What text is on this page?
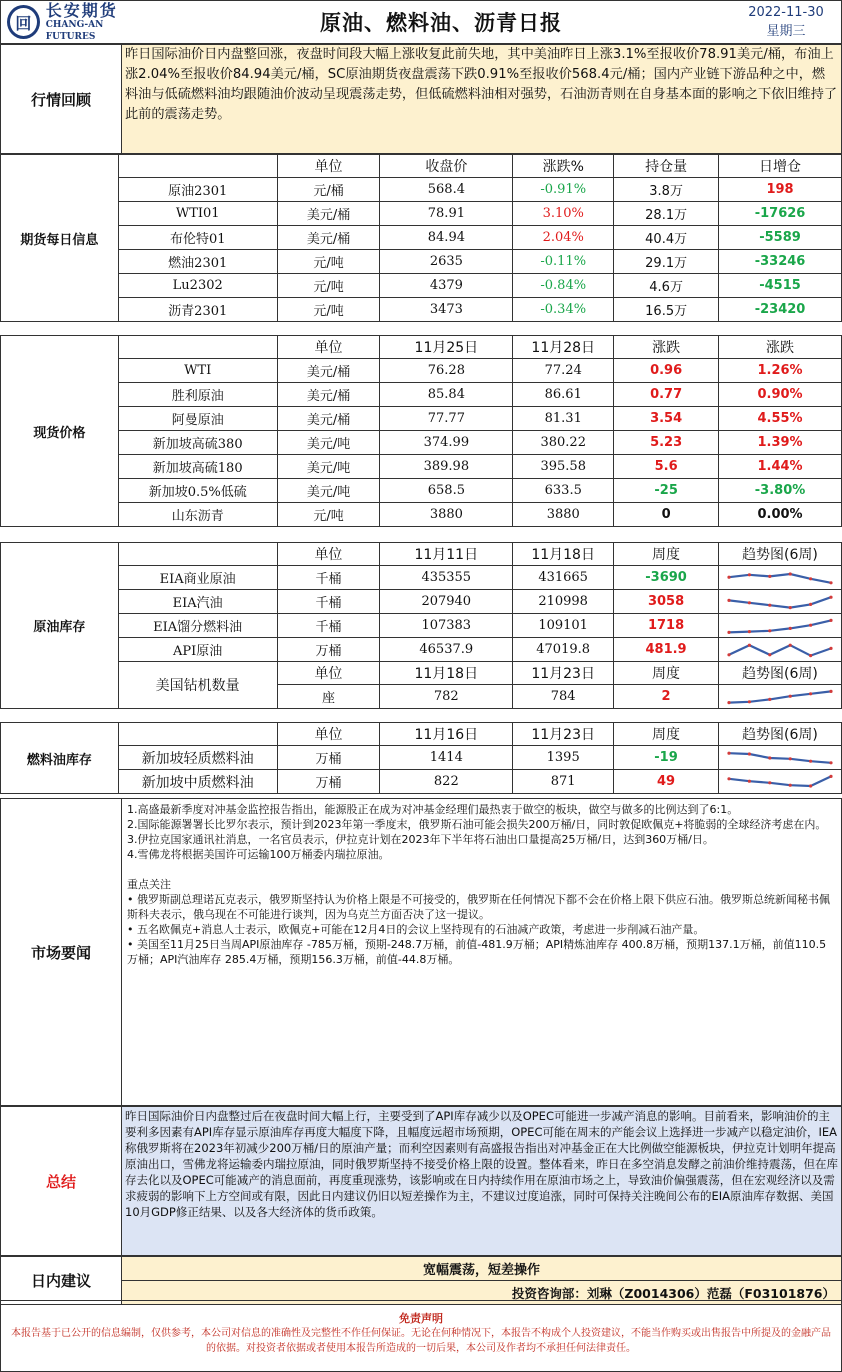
回
长安期货
CHANG-AN FUTURES
原油、燃料油、沥青日报	2022-11-30
星期三
行情回顾	昨日国际油价日内盘整回涨，夜盘时间段大幅上涨收复此前失地，其中美油昨日上涨3.1%至报收价78.91美元/桶，布油上涨2.04%至报收价84.94美元/桶，SC原油期货夜盘震荡下跌0.91%至报收价568.4元/桶；国内产业链下游品种之中，燃料油与低硫燃料油均跟随油价波动呈现震荡走势，但低硫燃料油相对强势，石油沥青则在自身基本面的影响之下依旧维持了此前的震荡走势。
期货每日信息		单位	收盘价	涨跌%	持仓量	日增仓
	原油2301	元/桶	568.4	-0.91%	3.8万	198
	WTI01	美元/桶	78.91	3.10%	28.1万	-17626
	布伦特01	美元/桶	84.94	2.04%	40.4万	-5589
	燃油2301	元/吨	2635	-0.11%	29.1万	-33246
	Lu2302	元/吨	4379	-0.84%	4.6万	-4515
	沥青2301	元/吨	3473	-0.34%	16.5万	-23420
现货价格		单位	11月25日	11月28日	涨跌	涨跌
	WTI	美元/桶	76.28	77.24	0.96	1.26%
	胜利原油	美元/桶	85.84	86.61	0.77	0.90%
	阿曼原油	美元/桶	77.77	81.31	3.54	4.55%
	新加坡高硫380	美元/吨	374.99	380.22	5.23	1.39%
	新加坡高硫180	美元/吨	389.98	395.58	5.6	1.44%
	新加坡0.5%低硫	美元/吨	658.5	633.5	-25	-3.80%
	山东沥青	元/吨	3880	3880	0	0.00%
原油库存		单位	11月11日	11月18日	周度	趋势图(6周)
	EIA商业原油	千桶	435355	431665	-3690	

	EIA汽油	千桶	207940	210998	3058	

	EIA馏分燃料油	千桶	107383	109101	1718	

	API原油	万桶	46537.9	47019.8	481.9	

	美国钻机数量	单位	11月18日	11月23日	周度	趋势图(6周)
		座	782	784	2	
燃料油库存		单位	11月16日	11月23日	周度	趋势图(6周)
	新加坡轻质燃料油	万桶	1414	1395	-19	

	新加坡中质燃料油	万桶	822	871	49	
市场要闻	

1.高盛最新季度对冲基金监控报告指出，能源股正在成为对冲基金经理们最热衷于做空的板块，做空与做多的比例达到了6:1。

2.国际能源署署长比罗尔表示，预计到2023年第一季度末，俄罗斯石油可能会损失200万桶/日，同时敦促欧佩克+将脆弱的全球经济考虑在内。

3.伊拉克国家通讯社消息，一名官员表示，伊拉克计划在2023年下半年将石油出口量提高25万桶/日，达到360万桶/日。

4.雪佛龙将根据美国许可运输100万桶委内瑞拉原油。

重点关注

• 俄罗斯副总理诺瓦克表示，俄罗斯坚持认为价格上限是不可接受的，俄罗斯在任何情况下都不会在价格上限下供应石油。俄罗斯总统新闻秘书佩斯科夫表示，俄乌现在不可能进行谈判，因为乌克兰方面否决了这一提议。

• 五名欧佩克+消息人士表示，欧佩克+可能在12月4日的会议上坚持现有的石油减产政策，考虑进一步削减石油产量。

• 美国至11月25日当周API原油库存 -785万桶，预期-248.7万桶，前值-481.9万桶；API精炼油库存 400.8万桶，预期137.1万桶，前值110.5万桶；API汽油库存 285.4万桶，预期156.3万桶，前值-44.8万桶。

总结	昨日国际油价日内盘整过后在夜盘时间大幅上行，主要受到了API库存减少以及OPEC可能进一步减产消息的影响。目前看来，影响油价的主要利多因素有API库存显示原油库存再度大幅度下降，且幅度远超市场预期，OPEC可能在周末的产能会议上选择进一步减产以稳定油价，IEA称俄罗斯将在2023年初减少200万桶/日的原油产量；而利空因素则有高盛报告指出对冲基金正在大比例做空能源板块，伊拉克计划明年提高原油出口，雪佛龙将运输委内瑞拉原油，同时俄罗斯坚持不接受价格上限的设置。整体看来，昨日在多空消息发酵之前油价维持震荡，但在库存去化以及OPEC可能减产的消息面前，再度重现涨势，该影响或在日内持续作用在原油市场之上，导致油价偏强震荡，但在宏观经济以及需求疲弱的影响下上方空间或有限，因此日内建议仍旧以短差操作为主，不建议过度追涨，同时可保持关注晚间公布的EIA原油库存数据、美国10月GDP修正结果、以及各大经济体的货币政策。
日内建议	宽幅震荡，短差操作
投资咨询部：刘琳（Z0014306）范磊（F03101876）
免责声明
本报告基于已公开的信息编制，仅供参考，本公司对信息的准确性及完整性不作任何保证。无论在何种情况下，本报告不构成个人投资建议，不能当作购买或出售报告中所提及的金融产品的依据。对投资者依据或者使用本报告所造成的一切后果，本公司及作者均不承担任何法律责任。
